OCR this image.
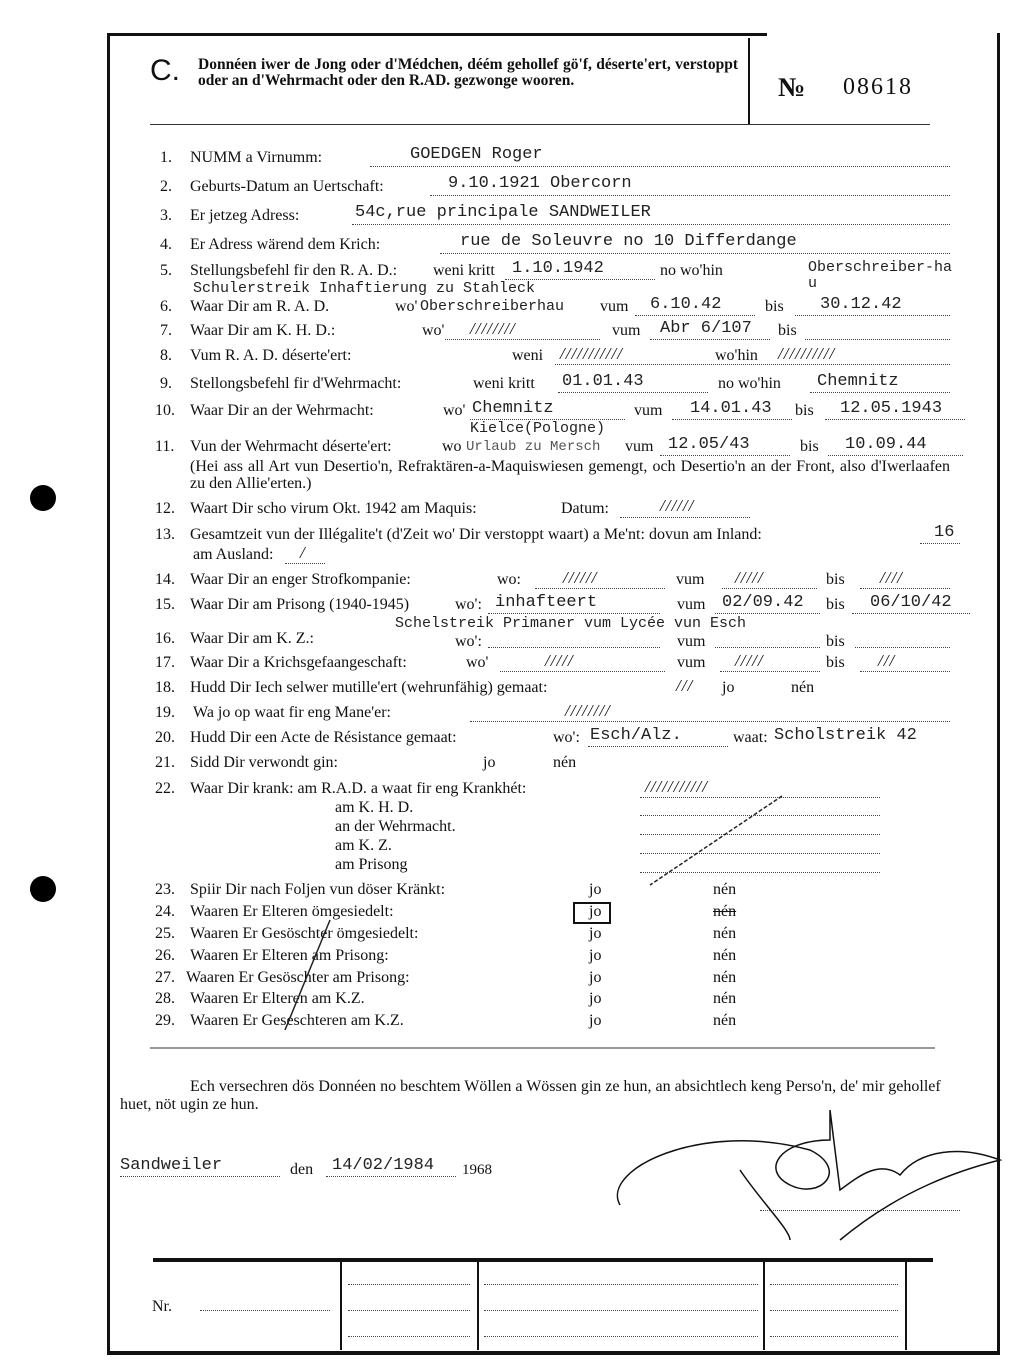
C. Donnéen iwer de Jong oder d'Médchen, déém gehollef gö'f, déserte'ert, verstoppt oder an d'Wehrmacht oder den R.AD. gezwonge wooren.	№ 08618
1. NUMM a Virnumm:	GOEDGEN Roger
2. Geburts-Datum an Uertschaft:	9.10.1921 Obercorn
3. Er jetzeg Adress:	54c,rue principale SANDWEILER
4. Er Adress wärend dem Krich:	rue de Soleuvre no 10 Differdange
5. Stellungsbefehl fir den R. A. D.: weni kritt 1.10.1942	no wo'hin	Oberschreiber-hau
Schulerstreik Inhaftierung zu Stahleck
6. Waar Dir am R. A. D.	wo' Oberschreiberhau vum 6.10.42	bis 30.12.42
7. Waar Dir am K. H. D.:	wo' ////////	vum Abr 6/107 bis
8. Vum R. A. D. déserte'ert:	weni ///////////	wo'hin //////////
9. Stellongsbefehl fir d'Wehrmacht:	weni kritt 01.01.43	no wo'hin Chemnitz
10. Waar Dir an der Wehrmacht:	wo' Chemnitz	vum 14.01.43 bis 12.05.1943
Kielce(Pologne)
11. Vun der Wehrmacht déserte'ert:	wo Urlaub zu Mersch vum 12.05/43	bis 10.09.44
(Hei ass all Art vun Desertio'n, Refraktären-a-Maquiswiesen gemengt, och Desertio'n an der Front, also d'Iwerlaafen zu den Allie'erten.)
12. Waart Dir scho virum Okt. 1942 am Maquis:	Datum:	//////
13. Gesamtzeit vun der Illégalite't (d'Zeit wo' Dir verstoppt waart) a Me'nt: dovun am Inland:	16
am Ausland: /
14. Waar Dir an enger Strofkompanie:	wo: //////	vum /////	bis ////
15. Waar Dir am Prisong (1940-1945)	wo': inhafteert	vum 02/09.42 bis 06/10/42
Schelstreik Primaner vum Lycée vun Esch
16. Waar Dir am K. Z.:	wo':	vum	bis
17. Waar Dir a Krichsgefaangeschaft:	wo'	/////	vum /////	bis ///
18. Hudd Dir Iech selwer mutille'ert (wehrunfähig) gemaat:	/// jo	nén
19. Wa jo op waat fir eng Mane'er:	////////
20. Hudd Dir een Acte de Résistance gemaat:	wo': Esch/Alz.	waat: Scholstreik 42
21. Sidd Dir verwondt gin:	jo	nén
22. Waar Dir krank: am R.A.D. a waat fir eng Krankhét:	///////////
am K. H. D.
an der Wehrmacht.
am K. Z.
am Prisong
23. Spiir Dir nach Foljen vun döser Kränkt:	jo	nén
24. Waaren Er Elteren ömgesiedelt:	jo	nén
25. Waaren Er Gesöschter ömgesiedelt:	jo	nén
26. Waaren Er Elteren am Prisong:	jo	nén
27. Waaren Er Gesöschter am Prisong:	jo	nén
28. Waaren Er Elteren am K.Z.	jo	nén
29. Waaren Er Geseschteren am K.Z.	jo	nén
Ech versechren dös Donnéen no beschtem Wöllen a Wössen gin ze hun, an absichtlech keng Perso'n, de' mir gehollef huet, nöt ugin ze hun.
Sandweiler	den 14/02/1984 1968
Nr.
